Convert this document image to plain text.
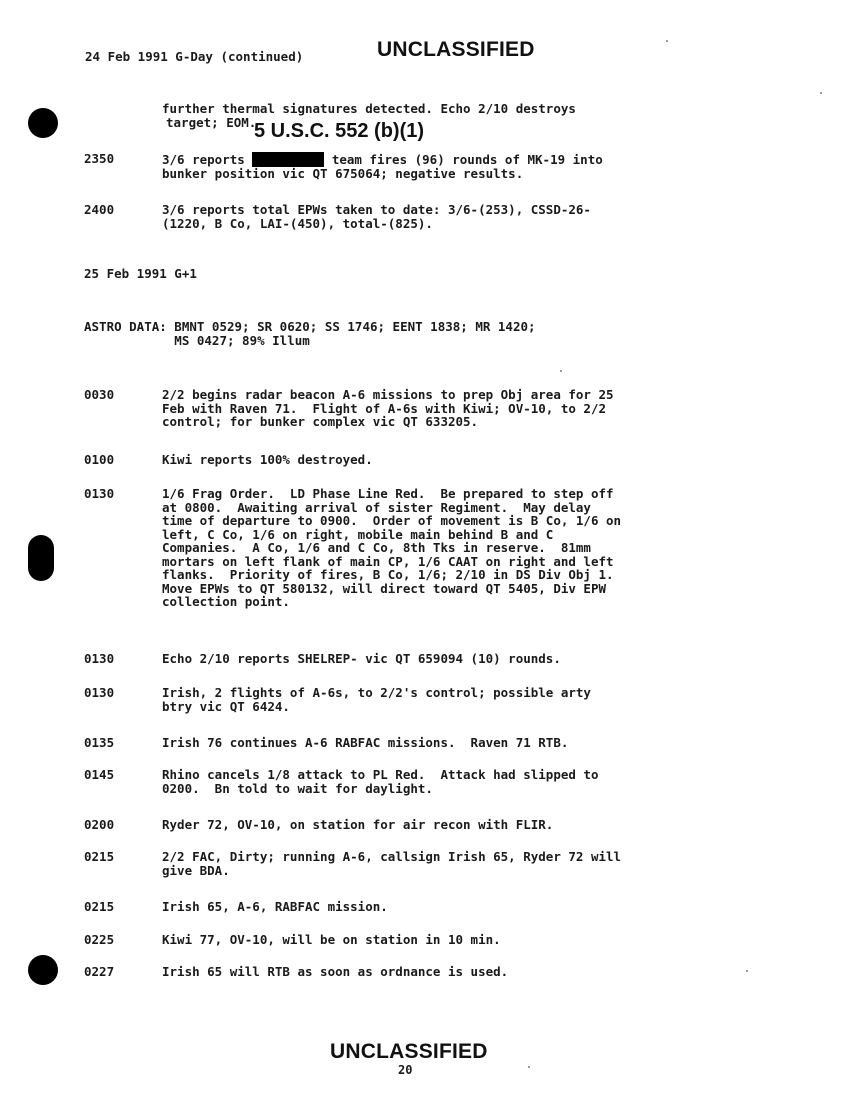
24 Feb 1991 G-Day (continued)	UNCLASSIFIED
further thermal signatures detected. Echo 2/10 destroys
target; EOM.
5 U.S.C. 552 (b)(1)
2350	3/6 reports	team fires (96) rounds of MK-19 into
bunker position vic QT 675064; negative results.
2400	3/6 reports total EPWs taken to date: 3/6-(253), CSSD-26-
(1220, B Co, LAI-(450), total-(825).
25 Feb 1991 G+1
ASTRO DATA: BMNT 0529; SR 0620; SS 1746; EENT 1838; MR 1420;
MS 0427; 89% Illum
0030	2/2 begins radar beacon A-6 missions to prep Obj area for 25
Feb with Raven 71.  Flight of A-6s with Kiwi; OV-10, to 2/2
control; for bunker complex vic QT 633205.
0100	Kiwi reports 100% destroyed.
0130	1/6 Frag Order.  LD Phase Line Red.  Be prepared to step off
at 0800.  Awaiting arrival of sister Regiment.  May delay
time of departure to 0900.  Order of movement is B Co, 1/6 on
left, C Co, 1/6 on right, mobile main behind B and C
Companies.  A Co, 1/6 and C Co, 8th Tks in reserve.  81mm
mortars on left flank of main CP, 1/6 CAAT on right and left
flanks.  Priority of fires, B Co, 1/6; 2/10 in DS Div Obj 1.
Move EPWs to QT 580132, will direct toward QT 5405, Div EPW
collection point.
0130	Echo 2/10 reports SHELREP- vic QT 659094 (10) rounds.
0130	Irish, 2 flights of A-6s, to 2/2's control; possible arty
btry vic QT 6424.
0135	Irish 76 continues A-6 RABFAC missions.  Raven 71 RTB.
0145	Rhino cancels 1/8 attack to PL Red.  Attack had slipped to
0200.  Bn told to wait for daylight.
0200	Ryder 72, OV-10, on station for air recon with FLIR.
0215	2/2 FAC, Dirty; running A-6, callsign Irish 65, Ryder 72 will
give BDA.
0215	Irish 65, A-6, RABFAC mission.
0225	Kiwi 77, OV-10, will be on station in 10 min.
0227	Irish 65 will RTB as soon as ordnance is used.
UNCLASSIFIED
20
